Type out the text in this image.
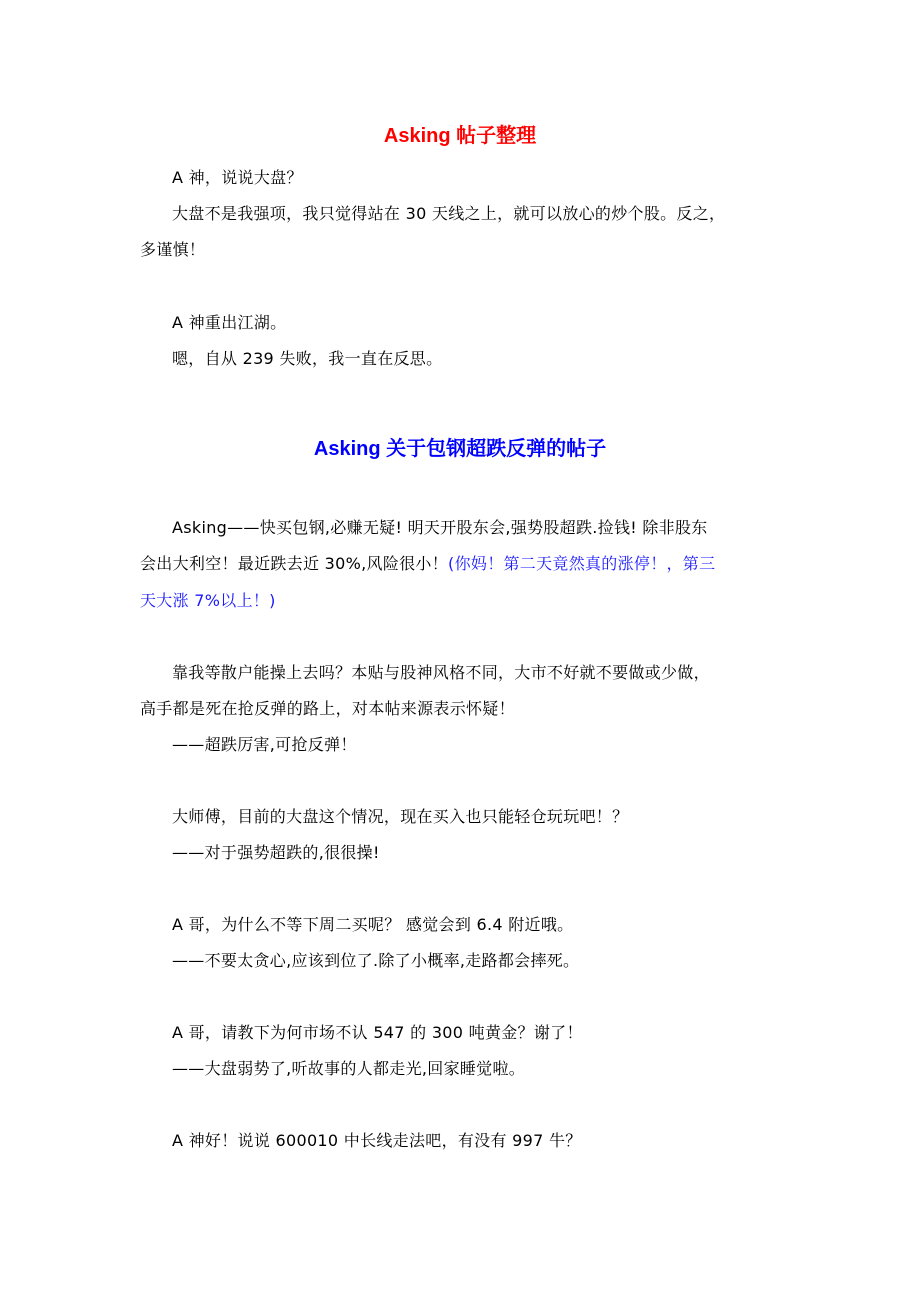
Asking 帖子整理

A 神，说说大盘？

大盘不是我强项，我只觉得站在 30 天线之上，就可以放心的炒个股。反之，

多谨慎！

A 神重出江湖。

嗯，自从 239 失败，我一直在反思。

Asking 关于包钢超跌反弹的帖子

Asking——快买包钢,必赚无疑! 明天开股东会,强势股超跌.捡钱! 除非股东

会出大利空！最近跌去近 30%,风险很小！(你妈！第二天竟然真的涨停！，第三

天大涨 7%以上！)

靠我等散户能操上去吗？本贴与股神风格不同，大市不好就不要做或少做，

高手都是死在抢反弹的路上，对本帖来源表示怀疑！

——超跌厉害,可抢反弹！

大师傅，目前的大盘这个情况，现在买入也只能轻仓玩玩吧！？

——对于强势超跌的,很很操!

A 哥，为什么不等下周二买呢？ 感觉会到 6.4 附近哦。

——不要太贪心,应该到位了.除了小概率,走路都会摔死。

A 哥，请教下为何市场不认 547 的 300 吨黄金？谢了！

——大盘弱势了,听故事的人都走光,回家睡觉啦。

A 神好！说说 600010 中长线走法吧，有没有 997 牛？
